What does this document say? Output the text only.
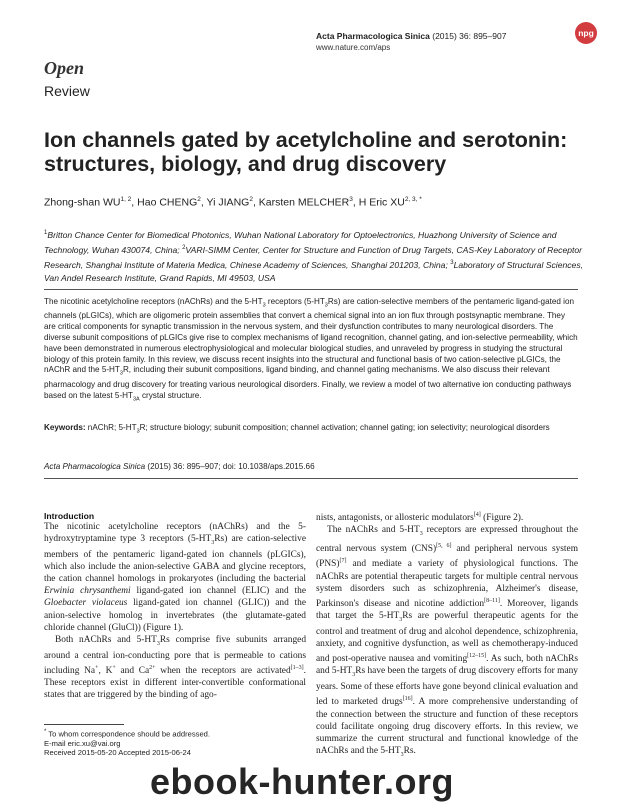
Acta Pharmacologica Sinica (2015) 36: 895–907
www.nature.com/aps
npg
Open
Review
Ion channels gated by acetylcholine and serotonin: structures, biology, and drug discovery
Zhong-shan WU$^{1, 2}$, Hao CHENG$^2$, Yi JIANG$^2$, Karsten MELCHER$^3$, H Eric $XU^{2, 3, *}$
$^1$Britton Chance Center for Biomedical Photonics, Wuhan National Laboratory for Optoelectronics, Huazhong University of Science and Technology, Wuhan 430074, China; $^2$VARI-SIMM Center, Center for Structure and Function of Drug Targets, CAS-Key Laboratory of Receptor Research, Shanghai Institute of Materia Medica, Chinese Academy of Sciences, Shanghai 201203, China; $^3$Laboratory of Structural Sciences, Van Andel Research Institute, Grand Rapids, MI 49503, USA
The nicotinic acetylcholine receptors (nAChRs) and the $5-HT_3$ receptors $(5-HT_3Rs)$ are cation-selective members of the pentameric ligand-gated ion channels (pLGICs), which are oligomeric protein assemblies that convert a chemical signal into an ion flux through postsynaptic membrane. They are critical components for synaptic transmission in the nervous system, and their dysfunction contributes to many neurological disorders. The diverse subunit compositions of pLGICs give rise to complex mechanisms of ligand recognition, channel gating, and ion-selective permeability, which have been demonstrated in numerous electrophysiological and molecular biological studies, and unraveled by progress in studying the structural biology of this protein family. In this review, we discuss recent insights into the structural and functional basis of two cation-selective pLGICs, the nAChR and the $5-HT_3R$, including their subunit compositions, ligand binding, and channel gating mechanisms. We also discuss their relevant pharmacology and drug discovery for treating various neurological disorders. Finally, we review a model of two alternative ion conducting pathways based on the latest $5-HT_{3A}$ crystal structure.
Keywords: nAChR; $5-HT_3R$; structure biology; subunit composition; channel activation; channel gating; ion selectivity; neurological disorders
Acta Pharmacologica Sinica (2015) 36: 895–907; doi: 10.1038/aps.2015.66
Introduction

The nicotinic acetylcholine receptors (nAChRs) and the 5-hydroxytryptamine type 3 receptors $(5-HT_3Rs)$ are cation-selective members of the pentameric ligand-gated ion channels (pLGICs), which also include the anion-selective GABA and glycine receptors, the cation channel homologs in prokaryotes (including the bacterial Erwinia chrysanthemi ligand-gated ion channel (ELIC) and the Gloebacter violaceus ligand-gated ion channel (GLIC)) and the anion-selective homolog in invertebrates (the glutamate-gated chloride channel (GluCl)) (Figure 1).

Both nAChRs and $5-HT_3Rs$ comprise five subunits arranged around a central ion-conducting pore that is permeable to cations including Na+, K+ and $Ca^{2+}$ when the receptors are activated[1–3]. These receptors exist in different inter-convertible conformational states that are triggered by the binding of ago-

nists, antagonists, or allosteric modulators[4] (Figure 2).

The nAChRs and $5-HT_3$ receptors are expressed throughout the central nervous system (CNS)[5, 6] and peripheral nervous system (PNS)[7] and mediate a variety of physiological functions. The nAChRs are potential therapeutic targets for multiple central nervous system disorders such as schizophrenia, Alzheimer's disease, Parkinson's disease and nicotine addiction[8–11]. Moreover, ligands that target the $5-HT_3Rs$ are powerful therapeutic agents for the control and treatment of drug and alcohol dependence, schizophrenia, anxiety, and cognitive dysfunction, as well as chemotherapy-induced and post-operative nausea and vomiting[12–15]. As such, both nAChRs and $5-HT_3Rs$ have been the targets of drug discovery efforts for many years. Some of these efforts have gone beyond clinical evaluation and led to marketed drugs[16]. A more comprehensive understanding of the connection between the structure and function of these receptors could facilitate ongoing drug discovery efforts. In this review, we summarize the current structural and functional knowledge of the nAChRs and the $5-HT_3Rs$.

* To whom correspondence should be addressed.
E-mail eric.xu@vai.org
Received 2015-05-20 Accepted 2015-06-24
ebook-hunter.org
